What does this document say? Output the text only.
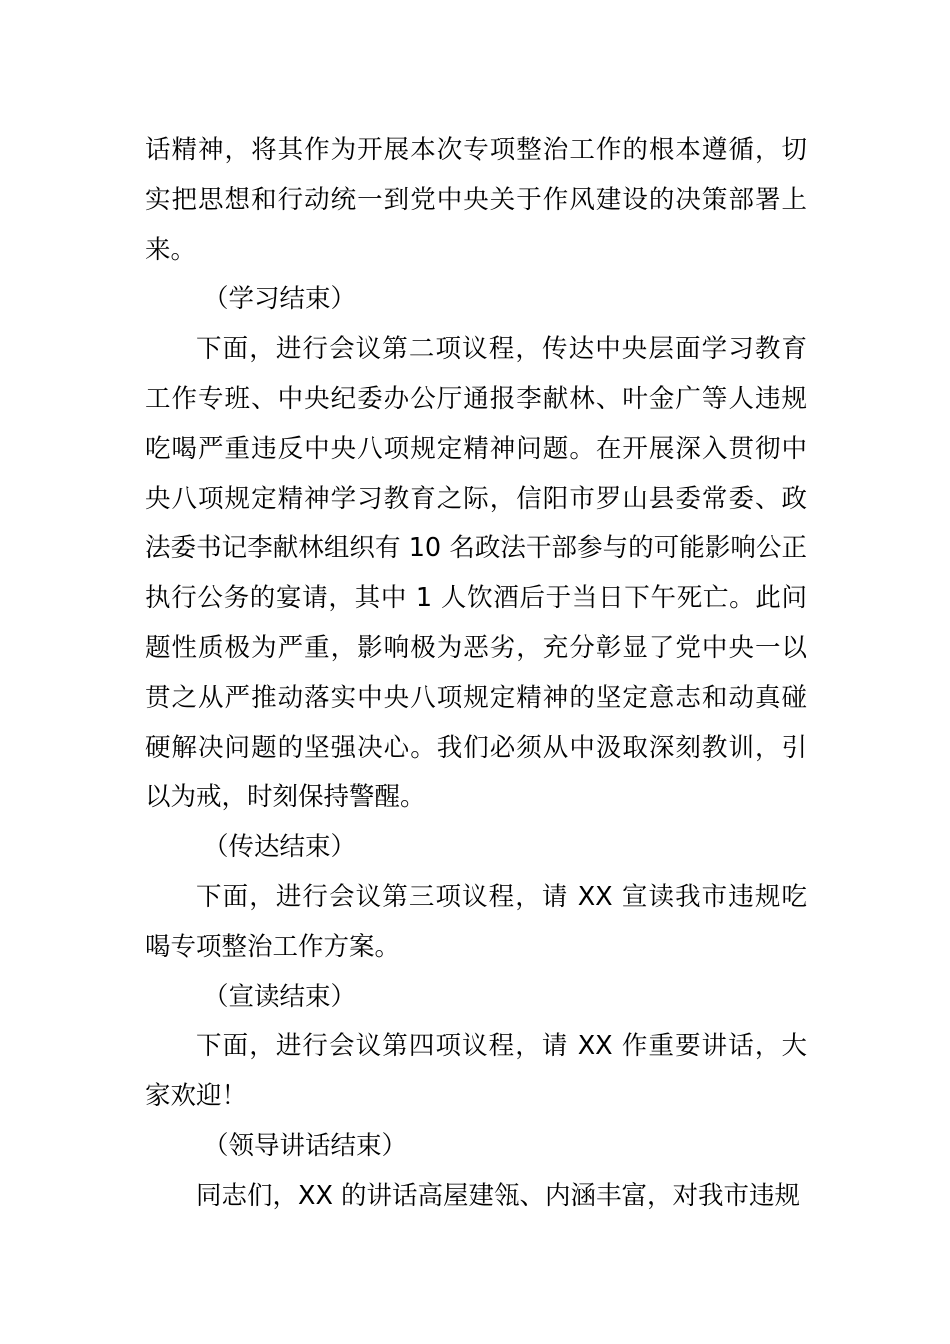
话精神，将其作为开展本次专项整治工作的根本遵循，切实把思想和行动统一到党中央关于作风建设的决策部署上来。

（学习结束）

下面，进行会议第二项议程，传达中央层面学习教育工作专班、中央纪委办公厅通报李献林、叶金广等人违规吃喝严重违反中央八项规定精神问题。在开展深入贯彻中央八项规定精神学习教育之际，信阳市罗山县委常委、政法委书记李献林组织有 10 名政法干部参与的可能影响公正执行公务的宴请，其中 1 人饮酒后于当日下午死亡。此问题性质极为严重，影响极为恶劣，充分彰显了党中央一以贯之从严推动落实中央八项规定精神的坚定意志和动真碰硬解决问题的坚强决心。我们必须从中汲取深刻教训，引以为戒，时刻保持警醒。

（传达结束）

下面，进行会议第三项议程，请 XX 宣读我市违规吃喝专项整治工作方案。

（宣读结束）

下面，进行会议第四项议程，请 XX 作重要讲话，大家欢迎！

（领导讲话结束）

同志们，XX 的讲话高屋建瓴、内涵丰富，对我市违规
